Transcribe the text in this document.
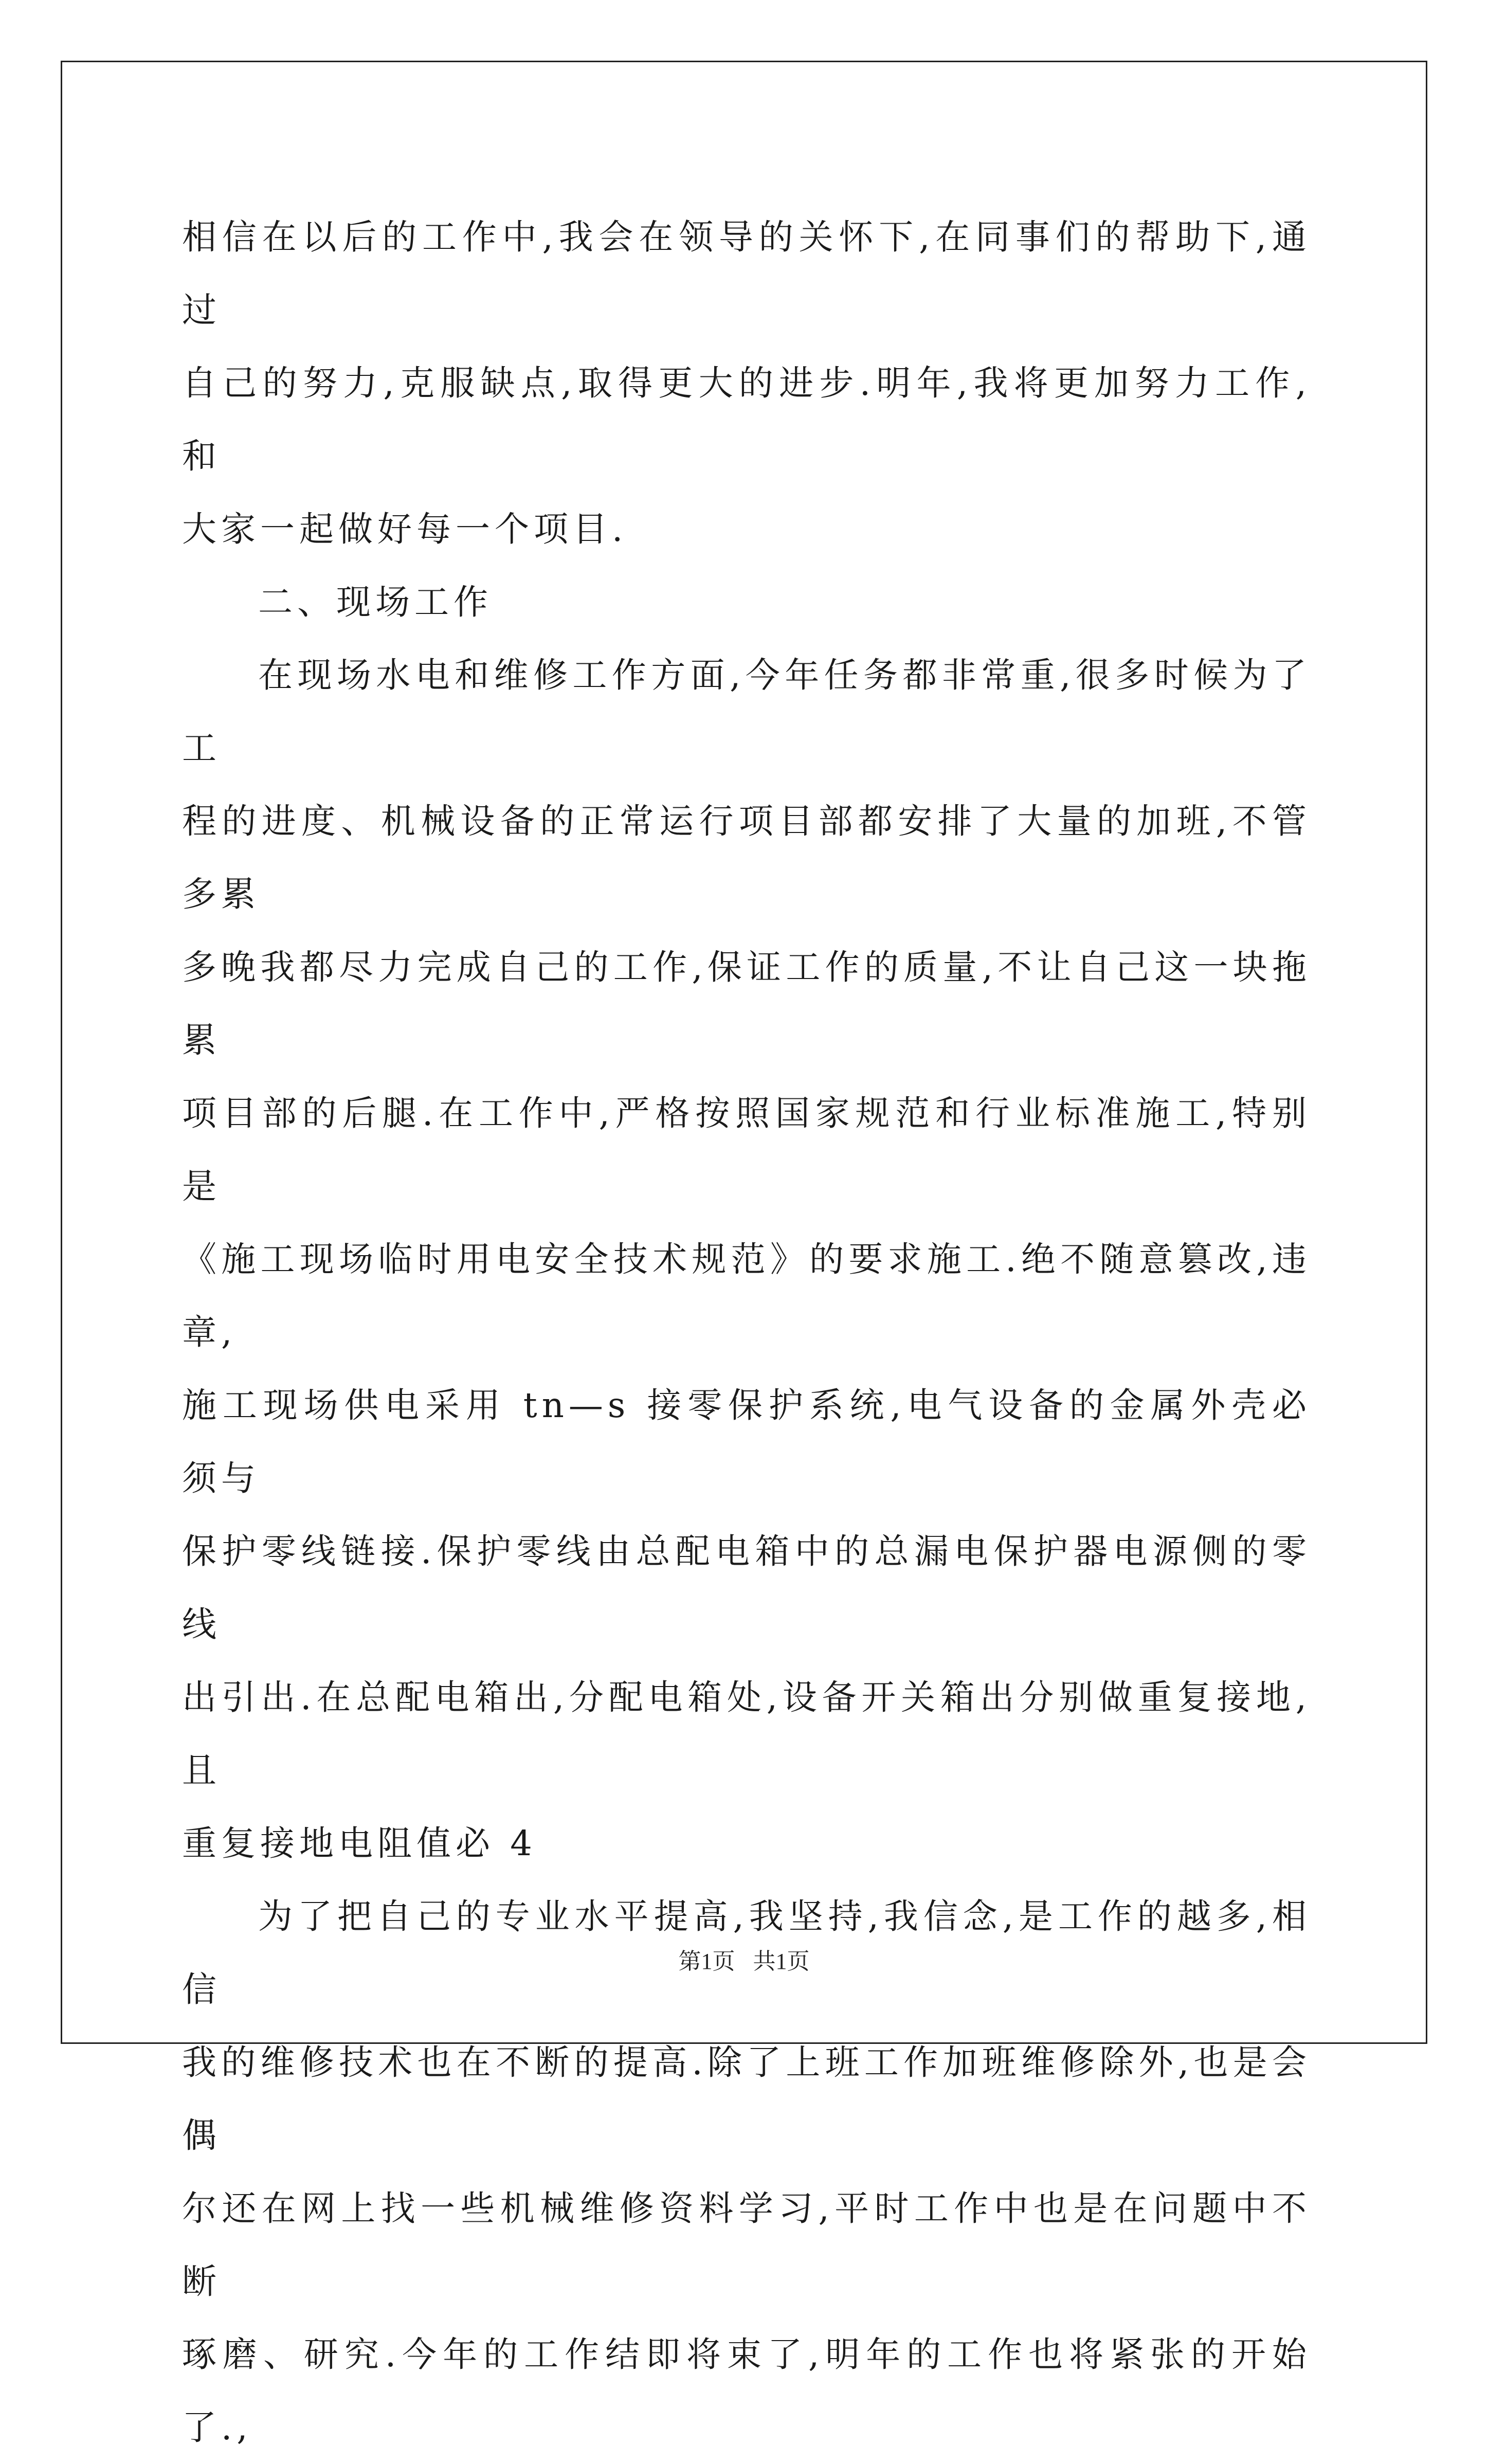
相信在以后的工作中,我会在领导的关怀下,在同事们的帮助下,通过
自己的努力,克服缺点,取得更大的进步.明年,我将更加努力工作,和
大家一起做好每一个项目.

二、现场工作

在现场水电和维修工作方面,今年任务都非常重,很多时候为了工
程的进度、机械设备的正常运行项目部都安排了大量的加班,不管多累
多晚我都尽力完成自己的工作,保证工作的质量,不让自己这一块拖累
项目部的后腿.在工作中,严格按照国家规范和行业标准施工,特别是
《施工现场临时用电安全技术规范》的要求施工.绝不随意篡改,违章,
施工现场供电采用 tn—s 接零保护系统,电气设备的金属外壳必须与
保护零线链接.保护零线由总配电箱中的总漏电保护器电源侧的零线
出引出.在总配电箱出,分配电箱处,设备开关箱出分别做重复接地,且
重复接地电阻值必 4

为了把自己的专业水平提高,我坚持,我信念,是工作的越多,相信
我的维修技术也在不断的提高.除了上班工作加班维修除外,也是会偶
尔还在网上找一些机械维修资料学习,平时工作中也是在问题中不断
琢磨、研究.今年的工作结即将束了,明年的工作也将紧张的开始了.,

第1页 共1页
